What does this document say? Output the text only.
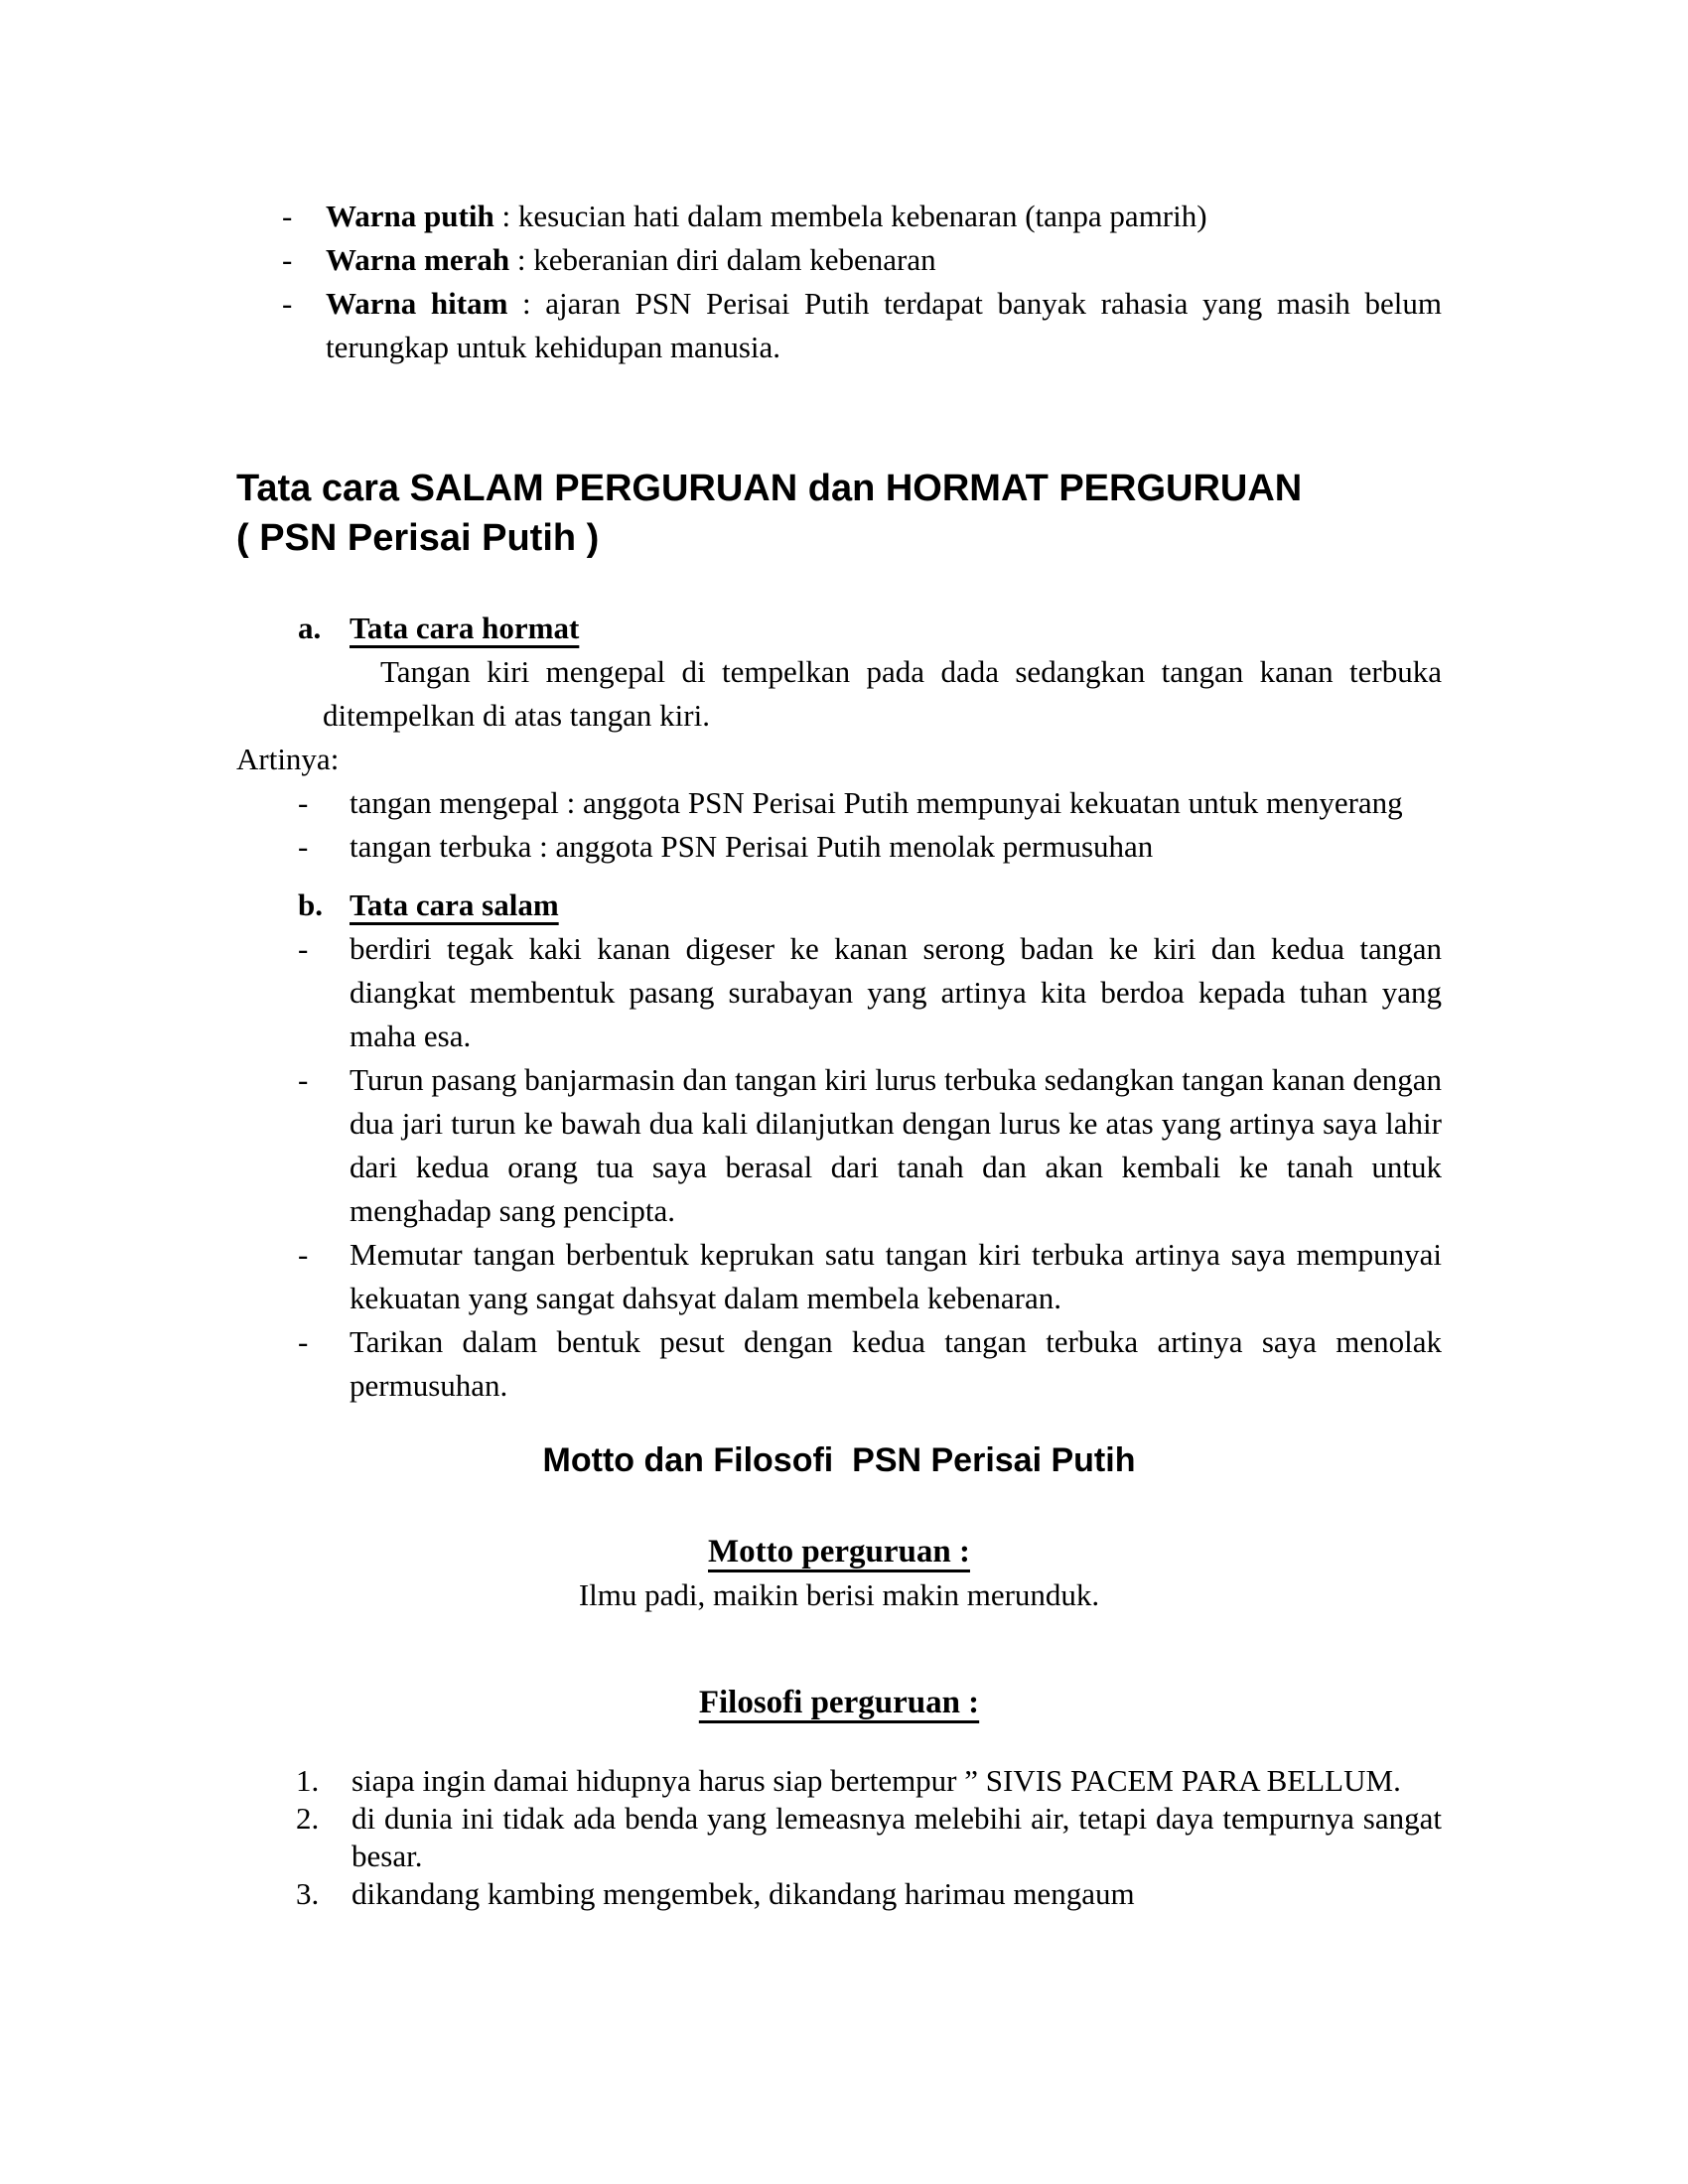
- Warna putih : kesucian hati dalam membela kebenaran (tanpa pamrih)
- Warna merah : keberanian diri dalam kebenaran
- Warna hitam : ajaran PSN Perisai Putih terdapat banyak rahasia yang masih belum terungkap untuk kehidupan manusia.
Tata cara SALAM PERGURUAN dan HORMAT PERGURUAN
( PSN Perisai Putih )
a. Tata cara hormat
Tangan kiri mengepal di tempelkan pada dada sedangkan tangan kanan terbuka ditempelkan di atas tangan kiri.
Artinya:
- tangan mengepal : anggota PSN Perisai Putih mempunyai kekuatan untuk menyerang
- tangan terbuka : anggota PSN Perisai Putih menolak permusuhan
b. Tata cara salam
- berdiri tegak kaki kanan digeser ke kanan serong badan ke kiri dan kedua tangan diangkat membentuk pasang surabayan yang artinya kita berdoa kepada tuhan yang maha esa.
- Turun pasang banjarmasin dan tangan kiri lurus terbuka sedangkan tangan kanan dengan dua jari turun ke bawah dua kali dilanjutkan dengan lurus ke atas yang artinya saya lahir dari kedua orang tua saya berasal dari tanah dan akan kembali ke tanah untuk menghadap sang pencipta.
- Memutar tangan berbentuk keprukan satu tangan kiri terbuka artinya saya mempunyai kekuatan yang sangat dahsyat dalam membela kebenaran.
- Tarikan dalam bentuk pesut dengan kedua tangan terbuka artinya saya menolak permusuhan.
Motto dan Filosofi  PSN Perisai Putih
Motto perguruan :
Ilmu padi, maikin berisi makin merunduk.
Filosofi perguruan :
1. siapa ingin damai hidupnya harus siap bertempur ” SIVIS PACEM PARA BELLUM.
2. di dunia ini tidak ada benda yang lemeasnya melebihi air, tetapi daya tempurnya sangat besar.
3. dikandang kambing mengembek, dikandang harimau mengaum
